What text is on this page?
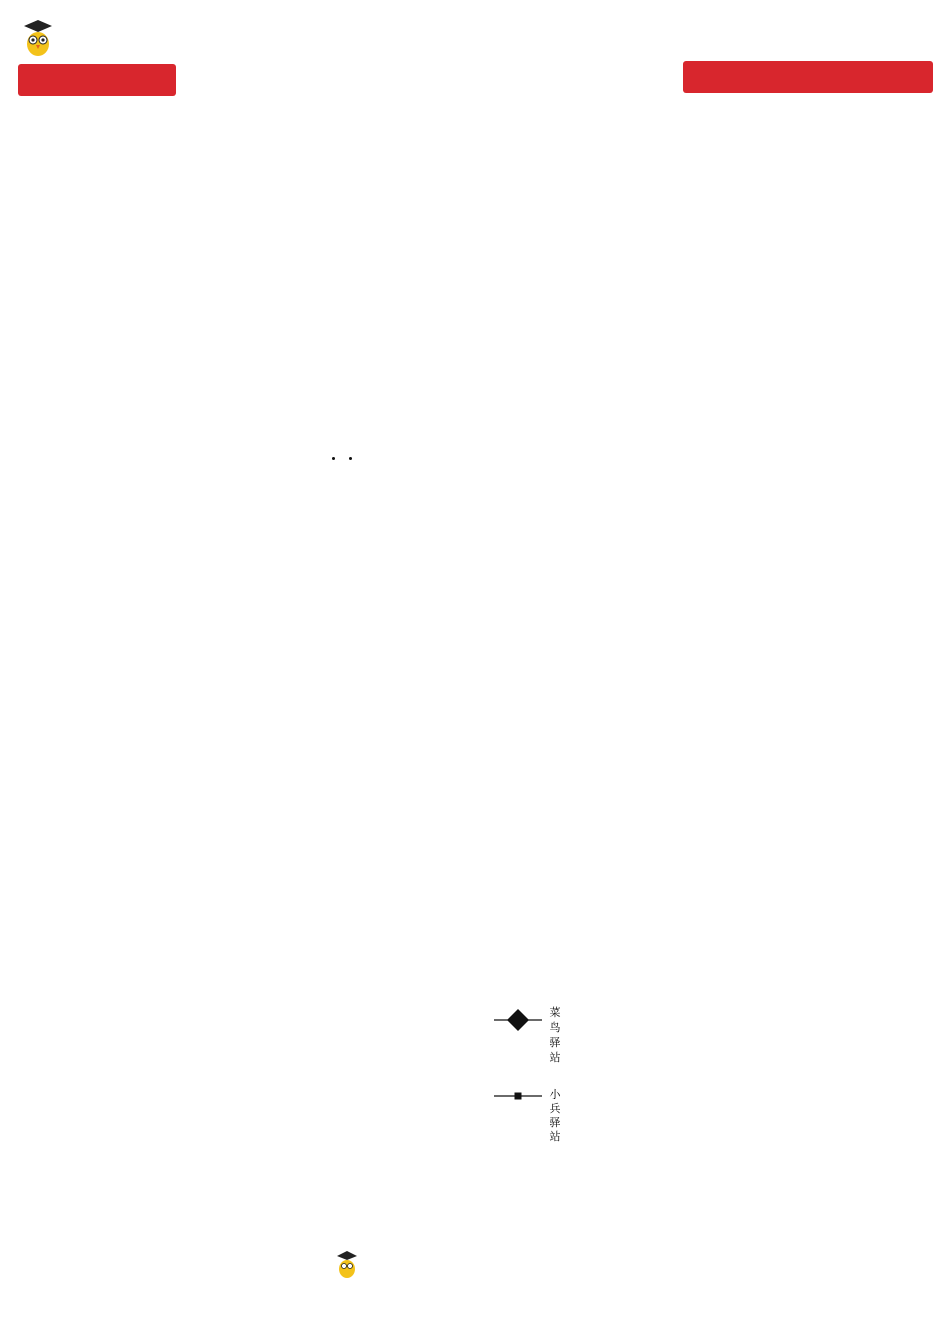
菜
鸟
驿
站
小
兵
驿
站
